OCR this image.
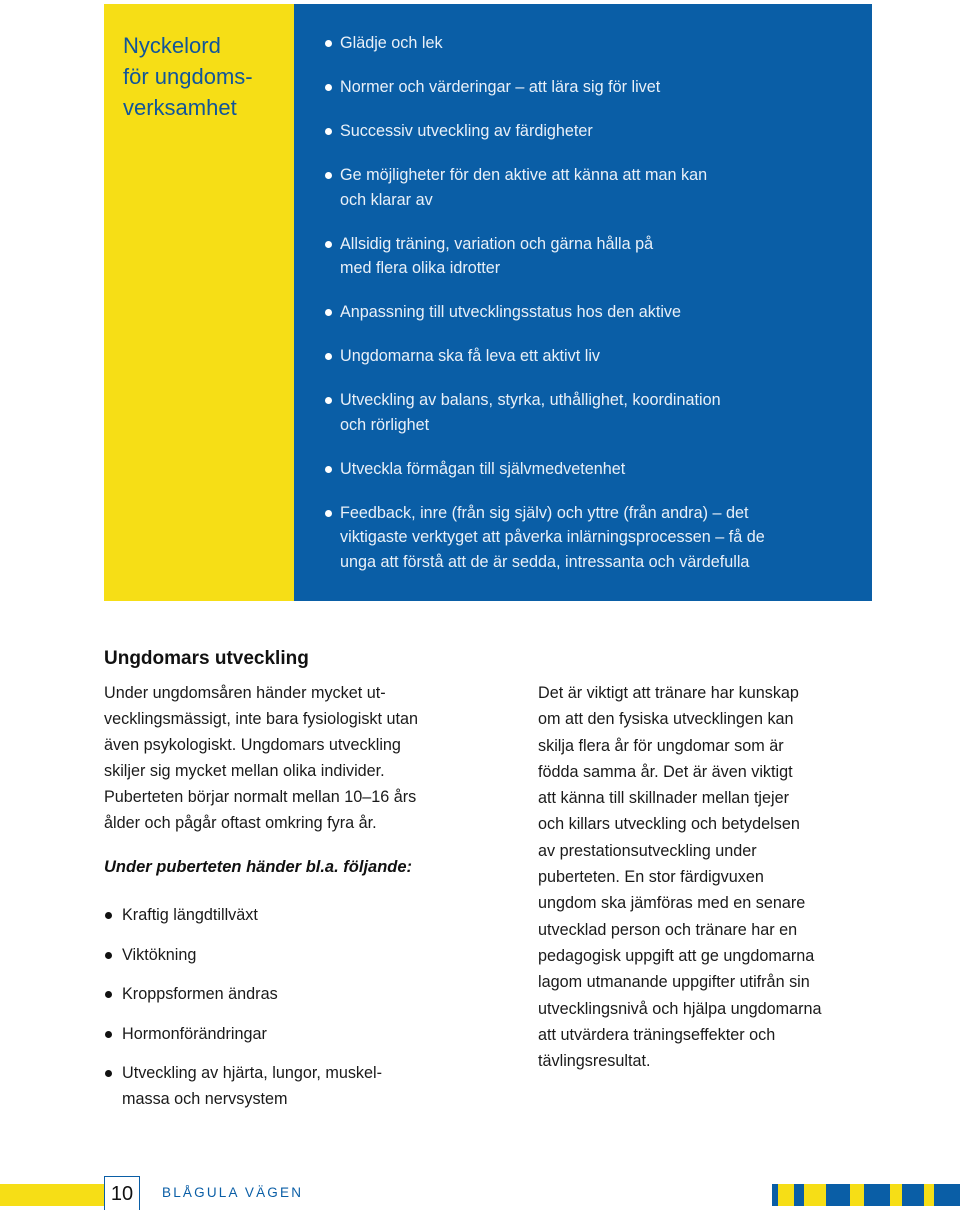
Nyckelord
för ungdoms-
verksamhet
Glädje och lek
Normer och värderingar – att lära sig för livet
Successiv utveckling av färdigheter
Ge möjligheter för den aktive att känna att man kan
och klarar av
Allsidig träning, variation och gärna hålla på
med flera olika idrotter
Anpassning till utvecklingsstatus hos den aktive
Ungdomarna ska få leva ett aktivt liv
Utveckling av balans, styrka, uthållighet, koordination
och rörlighet
Utveckla förmågan till självmedvetenhet
Feedback, inre (från sig själv) och yttre (från andra) – det
viktigaste verktyget att påverka inlärningsprocessen – få de
unga att förstå att de är sedda, intressanta och värdefulla
Ungdomars utveckling
Under ungdomsåren händer mycket ut-
vecklingsmässigt, inte bara fysiologiskt utan
även psykologiskt. Ungdomars utveckling
skiljer sig mycket mellan olika individer.
Puberteten börjar normalt mellan 10–16 års
ålder och pågår oftast omkring fyra år.
Under puberteten händer bl.a. följande:
Kraftig längdtillväxt
Viktökning
Kroppsformen ändras
Hormonförändringar
Utveckling av hjärta, lungor, muskel-
massa och nervsystem
Det är viktigt att tränare har kunskap
om att den fysiska utvecklingen kan
skilja flera år för ungdomar som är
födda samma år. Det är även viktigt
att känna till skillnader mellan tjejer
och killars utveckling och betydelsen
av prestationsutveckling under
puberteten. En stor färdigvuxen
ungdom ska jämföras med en senare
utvecklad person och tränare har en
pedagogisk uppgift att ge ungdomarna
lagom utmanande uppgifter utifrån sin
utvecklingsnivå och hjälpa ungdomarna
att utvärdera träningseffekter och
tävlingsresultat.
10	BLÅGULA VÄGEN
